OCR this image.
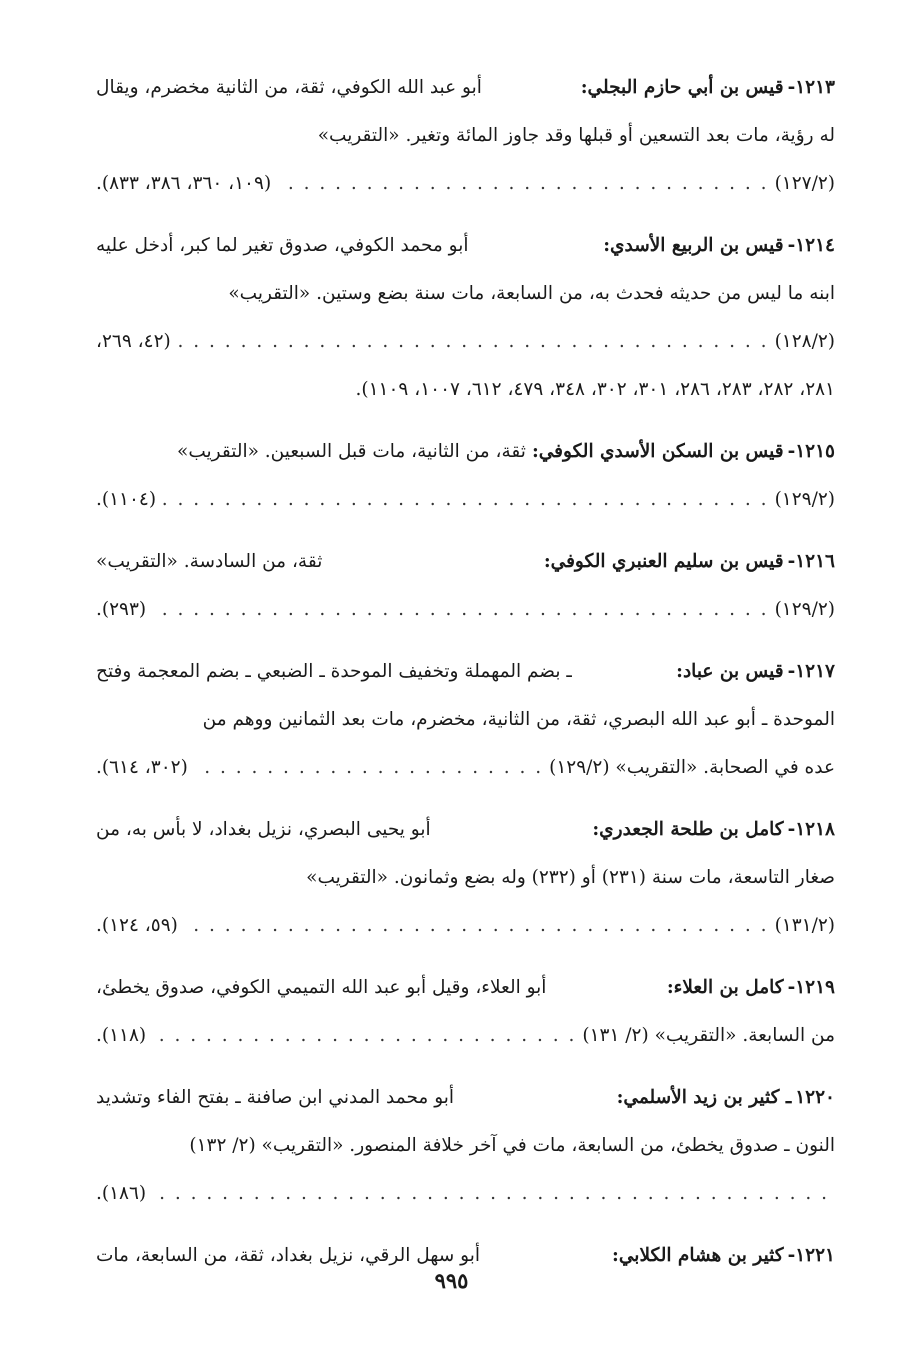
١٢١٣-قيس بن أبي حازم البجلي:
أبو عبد الله الكوفي، ثقة، من الثانية مخضرم، ويقال
له رؤية، مات بعد التسعين أو قبلها وقد جاوز المائة وتغير. «التقريب»
(١٢٧/٢)
. . .
(١٠٩، ٣٦٠، ٣٨٦، ٨٣٣).
١٢١٤-قيس بن الربيع الأسدي:
أبو محمد الكوفي، صدوق تغير لما كبر، أدخل عليه
ابنه ما ليس من حديثه فحدث به، من السابعة، مات سنة بضع وستين. «التقريب»
(١٢٨/٢)
. . .
(٤٢، ٢٦٩،
٢٨١، ٢٨٢، ٢٨٣، ٢٨٦، ٣٠١، ٣٠٢، ٣٤٨، ٤٧٩، ٦١٢، ١٠٠٧، ١١٠٩).
١٢١٥-
قيس بن السكن الأسدي الكوفي:
ثقة، من الثانية، مات قبل السبعين. «التقريب»
(١٢٩/٢)
. . .
(١١٠٤).
١٢١٦-قيس بن سليم العنبري الكوفي:
ثقة، من السادسة. «التقريب»
(١٢٩/٢)
. . .
(٢٩٣).
١٢١٧-قيس بن عباد:
ـ بضم المهملة وتخفيف الموحدة ـ الضبعي ـ بضم المعجمة وفتح
الموحدة ـ أبو عبد الله البصري، ثقة، من الثانية، مخضرم، مات بعد الثمانين ووهم من
عده في الصحابة. «التقريب» (١٢٩/٢)
. . .
(٣٠٢، ٦١٤).
١٢١٨-كامل بن طلحة الجعدري:
أبو يحيى البصري، نزيل بغداد، لا بأس به، من
صغار التاسعة، مات سنة (٢٣١) أو (٢٣٢) وله بضع وثمانون. «التقريب»
(١٣١/٢)
. . .
(٥٩، ١٢٤).
١٢١٩-كامل بن العلاء:
أبو العلاء، وقيل أبو عبد الله التميمي الكوفي، صدوق يخطئ،
من السابعة. «التقريب» (٢/ ١٣١)
. . .
(١١٨).
١٢٢٠ـ كثير بن زيد الأسلمي:
أبو محمد المدني ابن صافنة ـ بفتح الفاء وتشديد
النون ـ صدوق يخطئ، من السابعة، مات في آخر خلافة المنصور. «التقريب» (٢/ ١٣٢)
. . .
(١٨٦).
١٢٢١-كثير بن هشام الكلابي:
أبو سهل الرقي، نزيل بغداد، ثقة، من السابعة، مات
٩٩٥
